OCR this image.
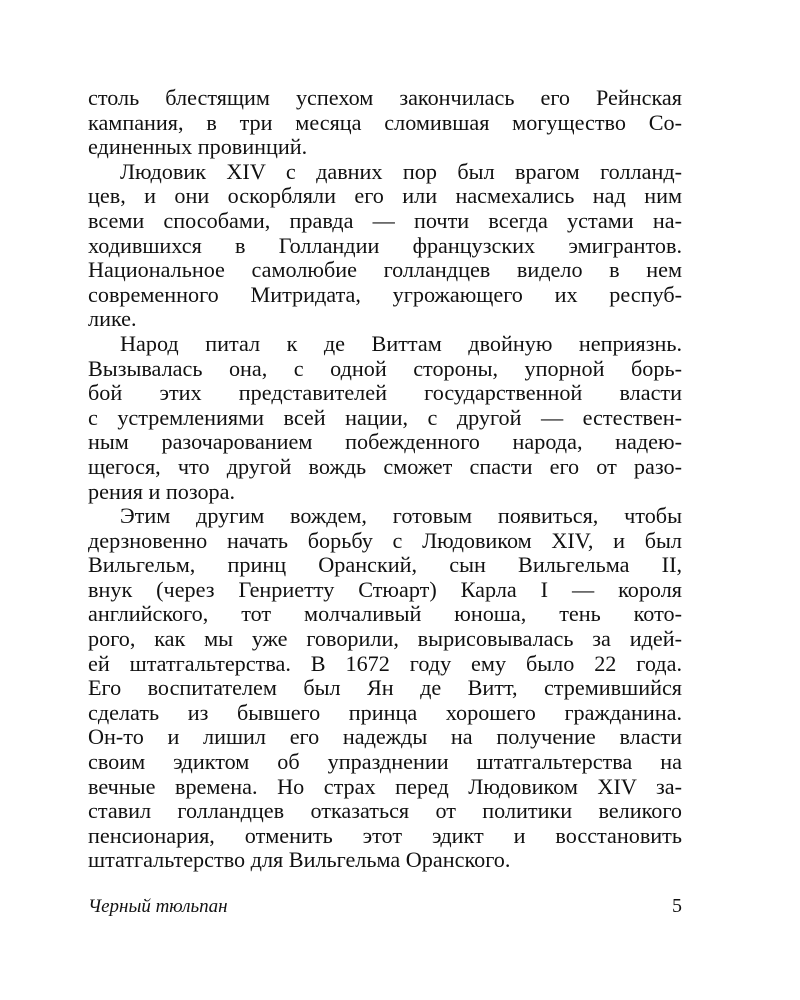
столь блестящим успехом закончилась его Рейнская
кампания, в три месяца сломившая могущество Со-
единенных провинций.
Людовик XIV с давних пор был врагом голланд-
цев, и они оскорбляли его или насмехались над ним
всеми способами, правда — почти всегда устами на-
ходившихся в Голландии французских эмигрантов.
Национальное самолюбие голландцев видело в нем
современного Митридата, угрожающего их респуб-
лике.
Народ питал к де Виттам двойную неприязнь.
Вызывалась она, с одной стороны, упорной борь-
бой этих представителей государственной власти
с устремлениями всей нации, с другой — естествен-
ным разочарованием побежденного народа, надею-
щегося, что другой вождь сможет спасти его от разо-
рения и позора.
Этим другим вождем, готовым появиться, чтобы
дерзновенно начать борьбу с Людовиком XIV, и был
Вильгельм, принц Оранский, сын Вильгельма II,
внук (через Генриетту Стюарт) Карла I — короля
английского, тот молчаливый юноша, тень кото-
рого, как мы уже говорили, вырисовывалась за идей-
ей штатгальтерства. В 1672 году ему было 22 года.
Его воспитателем был Ян де Витт, стремившийся
сделать из бывшего принца хорошего гражданина.
Он-то и лишил его надежды на получение власти
своим эдиктом об упразднении штатгальтерства на
вечные времена. Но страх перед Людовиком XIV за-
ставил голландцев отказаться от политики великого
пенсионария, отменить этот эдикт и восстановить
штатгальтерство для Вильгельма Оранского.
Черный тюльпан	5
